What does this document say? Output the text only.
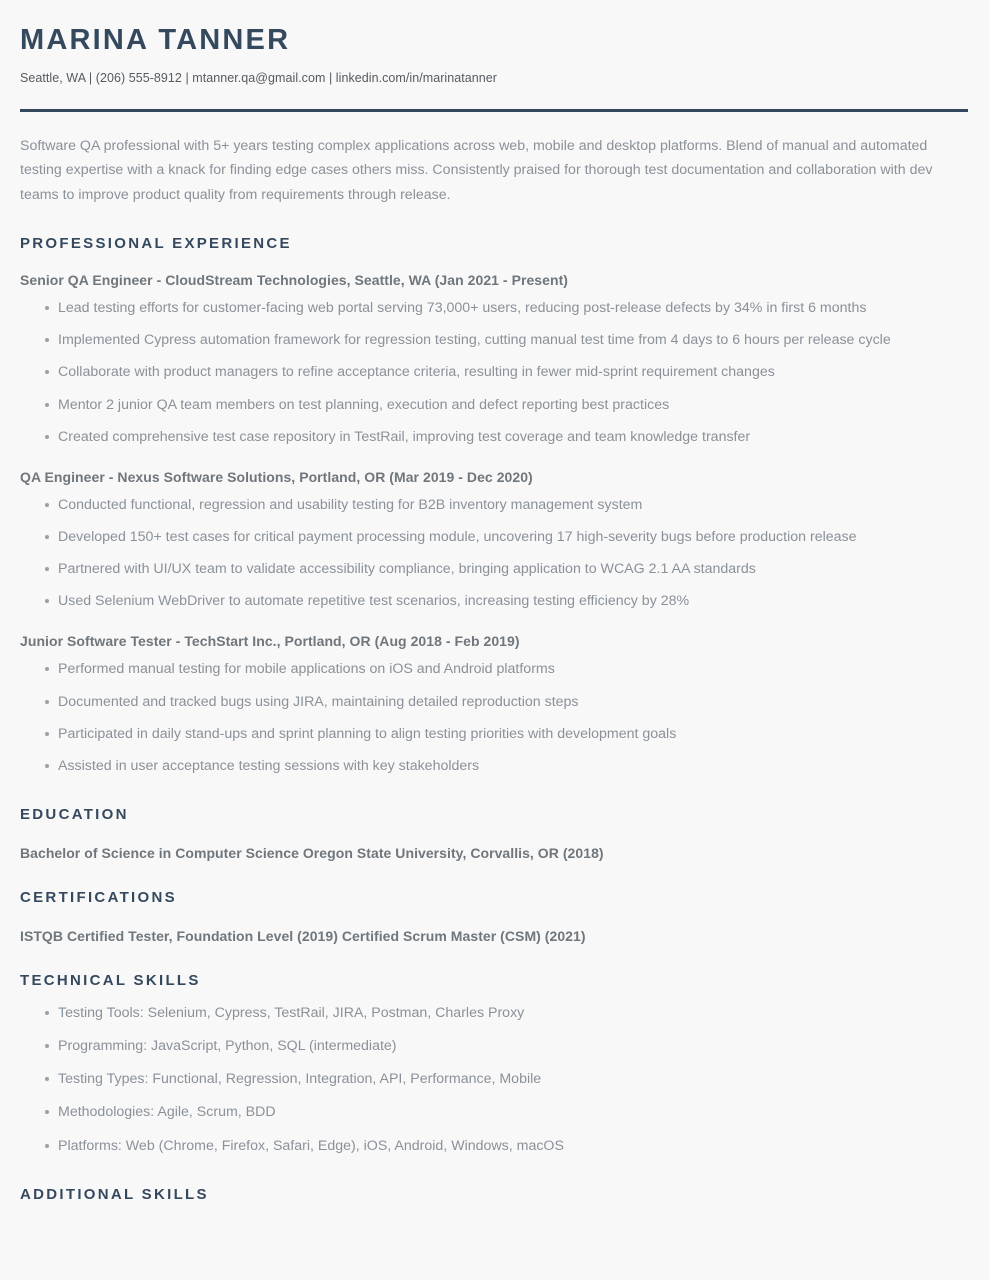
MARINA TANNER
Seattle, WA | (206) 555-8912 | mtanner.qa@gmail.com | linkedin.com/in/marinatanner

Software QA professional with 5+ years testing complex applications across web, mobile and desktop platforms. Blend of manual and automated testing expertise with a knack for finding edge cases others miss. Consistently praised for thorough test documentation and collaboration with dev teams to improve product quality from requirements through release.

PROFESSIONAL EXPERIENCE
Senior QA Engineer - CloudStream Technologies, Seattle, WA (Jan 2021 - Present)
Lead testing efforts for customer-facing web portal serving 73,000+ users, reducing post-release defects by 34% in first 6 months
Implemented Cypress automation framework for regression testing, cutting manual test time from 4 days to 6 hours per release cycle
Collaborate with product managers to refine acceptance criteria, resulting in fewer mid-sprint requirement changes
Mentor 2 junior QA team members on test planning, execution and defect reporting best practices
Created comprehensive test case repository in TestRail, improving test coverage and team knowledge transfer
QA Engineer - Nexus Software Solutions, Portland, OR (Mar 2019 - Dec 2020)
Conducted functional, regression and usability testing for B2B inventory management system
Developed 150+ test cases for critical payment processing module, uncovering 17 high-severity bugs before production release
Partnered with UI/UX team to validate accessibility compliance, bringing application to WCAG 2.1 AA standards
Used Selenium WebDriver to automate repetitive test scenarios, increasing testing efficiency by 28%
Junior Software Tester - TechStart Inc., Portland, OR (Aug 2018 - Feb 2019)
Performed manual testing for mobile applications on iOS and Android platforms
Documented and tracked bugs using JIRA, maintaining detailed reproduction steps
Participated in daily stand-ups and sprint planning to align testing priorities with development goals
Assisted in user acceptance testing sessions with key stakeholders
EDUCATION
Bachelor of Science in Computer Science Oregon State University, Corvallis, OR (2018)
CERTIFICATIONS
ISTQB Certified Tester, Foundation Level (2019) Certified Scrum Master (CSM) (2021)
TECHNICAL SKILLS
Testing Tools: Selenium, Cypress, TestRail, JIRA, Postman, Charles Proxy
Programming: JavaScript, Python, SQL (intermediate)
Testing Types: Functional, Regression, Integration, API, Performance, Mobile
Methodologies: Agile, Scrum, BDD
Platforms: Web (Chrome, Firefox, Safari, Edge), iOS, Android, Windows, macOS
ADDITIONAL SKILLS
